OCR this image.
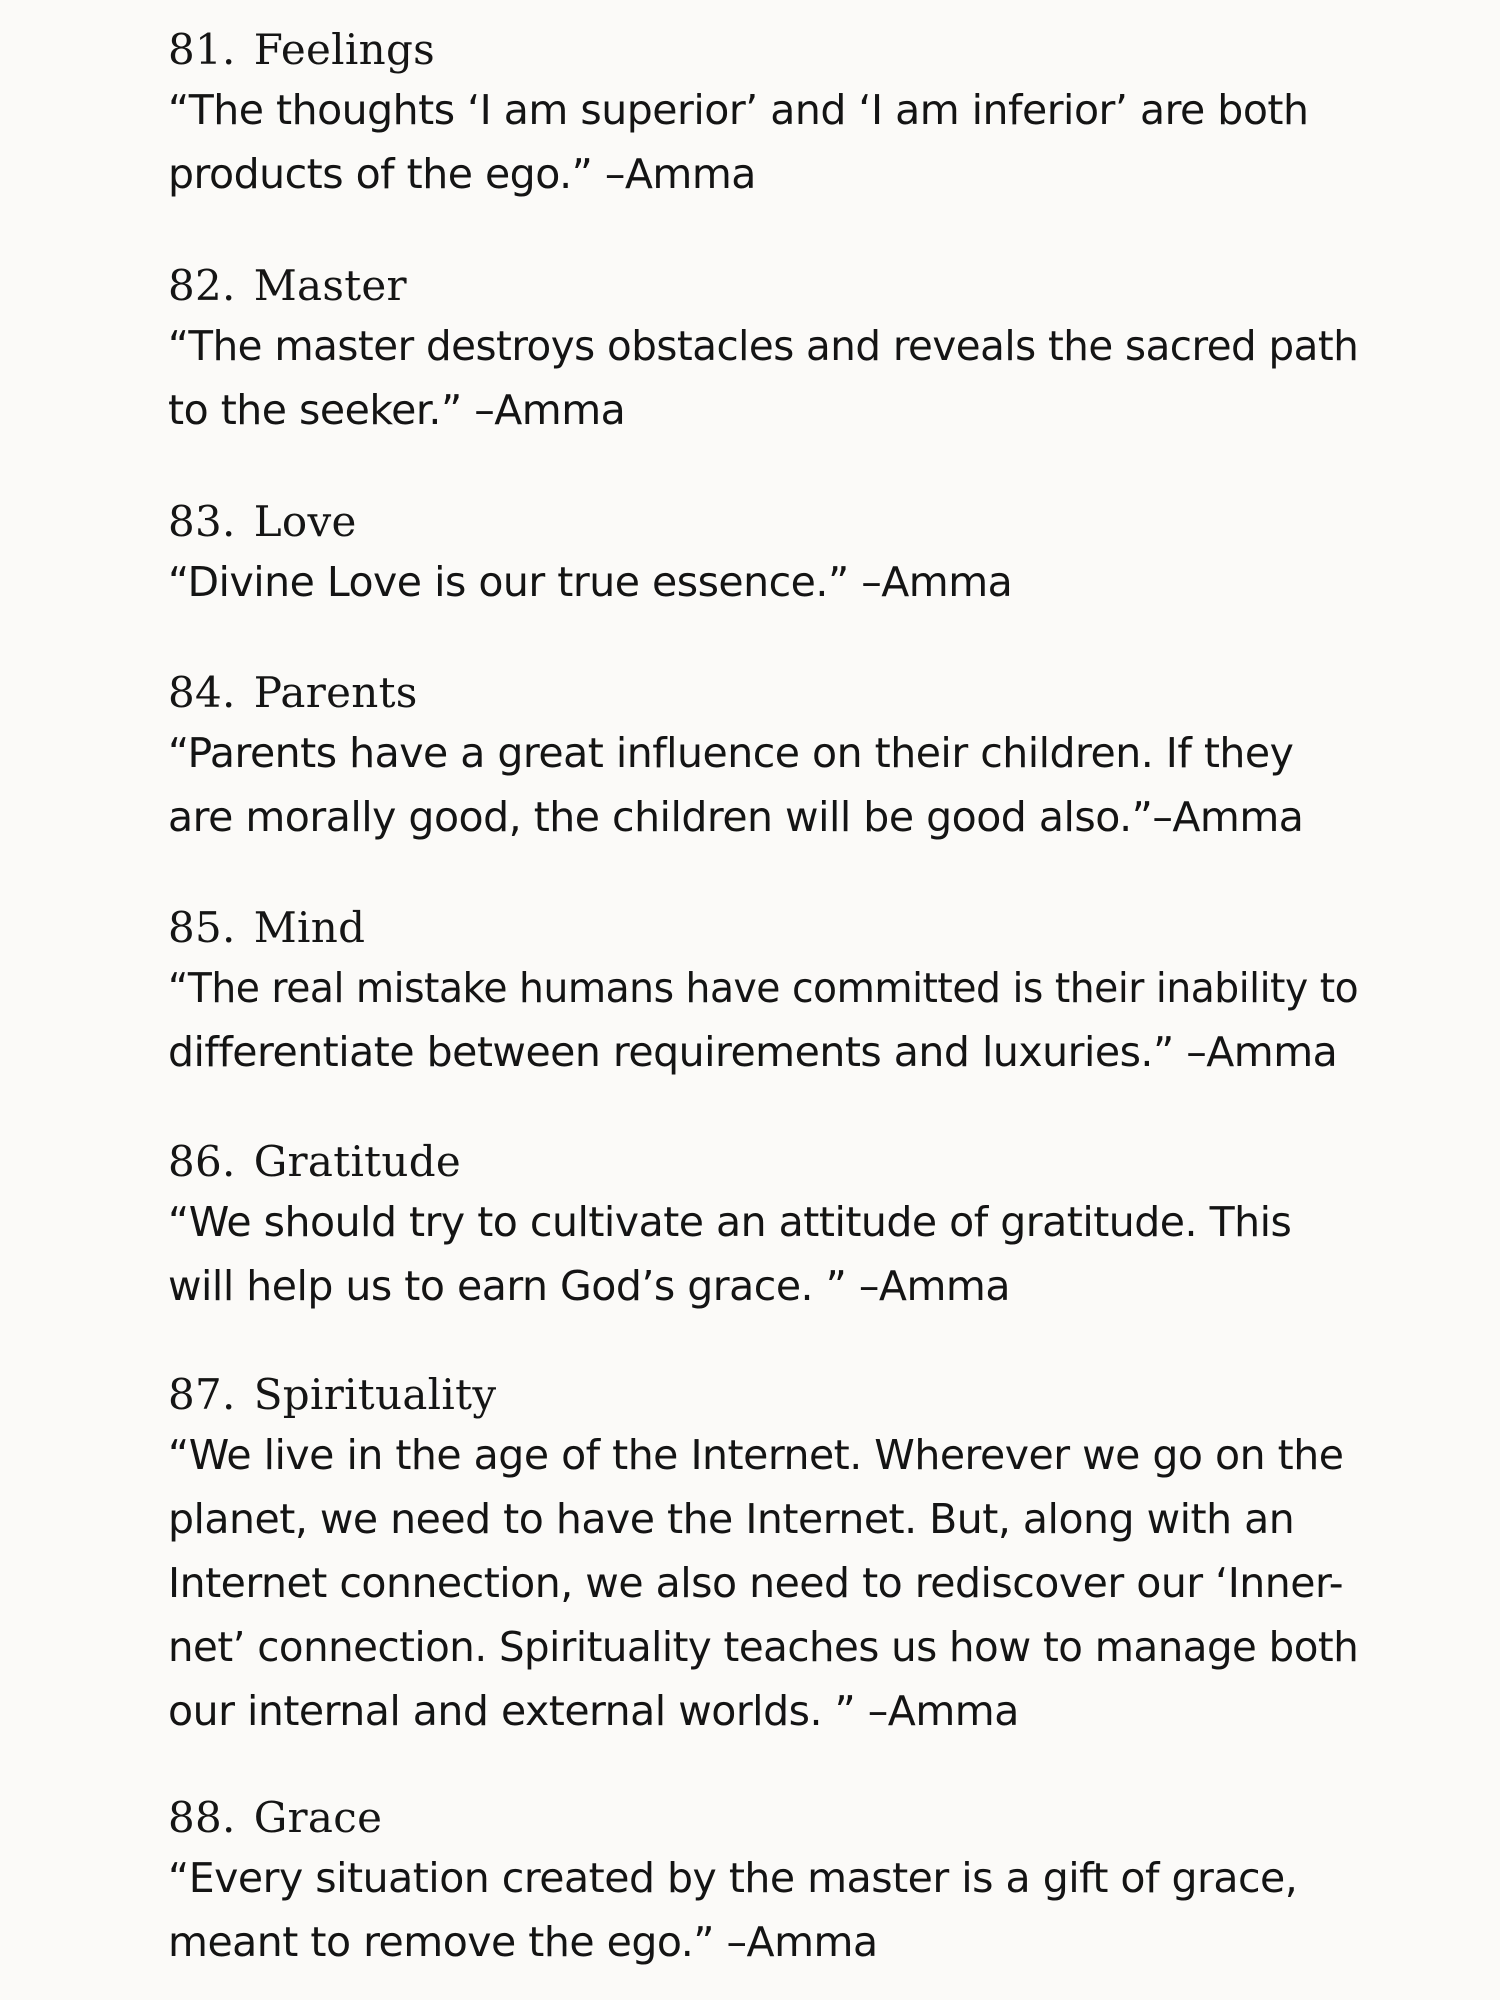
81. Feelings
“The thoughts ‘I am superior’ and ‘I am inferior’ are both
products of the ego.” –Amma
82. Master
“The master destroys obstacles and reveals the sacred path
to the seeker.” –Amma
83. Love
“Divine Love is our true essence.” –Amma
84. Parents
“Parents have a great influence on their children. If they
are morally good, the children will be good also.”–Amma
85. Mind
“The real mistake humans have committed is their inability to
differentiate between requirements and luxuries.” –Amma
86. Gratitude
“We should try to cultivate an attitude of gratitude. This
will help us to earn God’s grace. ” –Amma
87. Spirituality
“We live in the age of the Internet. Wherever we go on the
planet, we need to have the Internet. But, along with an
Internet connection, we also need to rediscover our ‘Inner-
net’ connection. Spirituality teaches us how to manage both
our internal and external worlds. ” –Amma
88. Grace
“Every situation created by the master is a gift of grace,
meant to remove the ego.” –Amma
